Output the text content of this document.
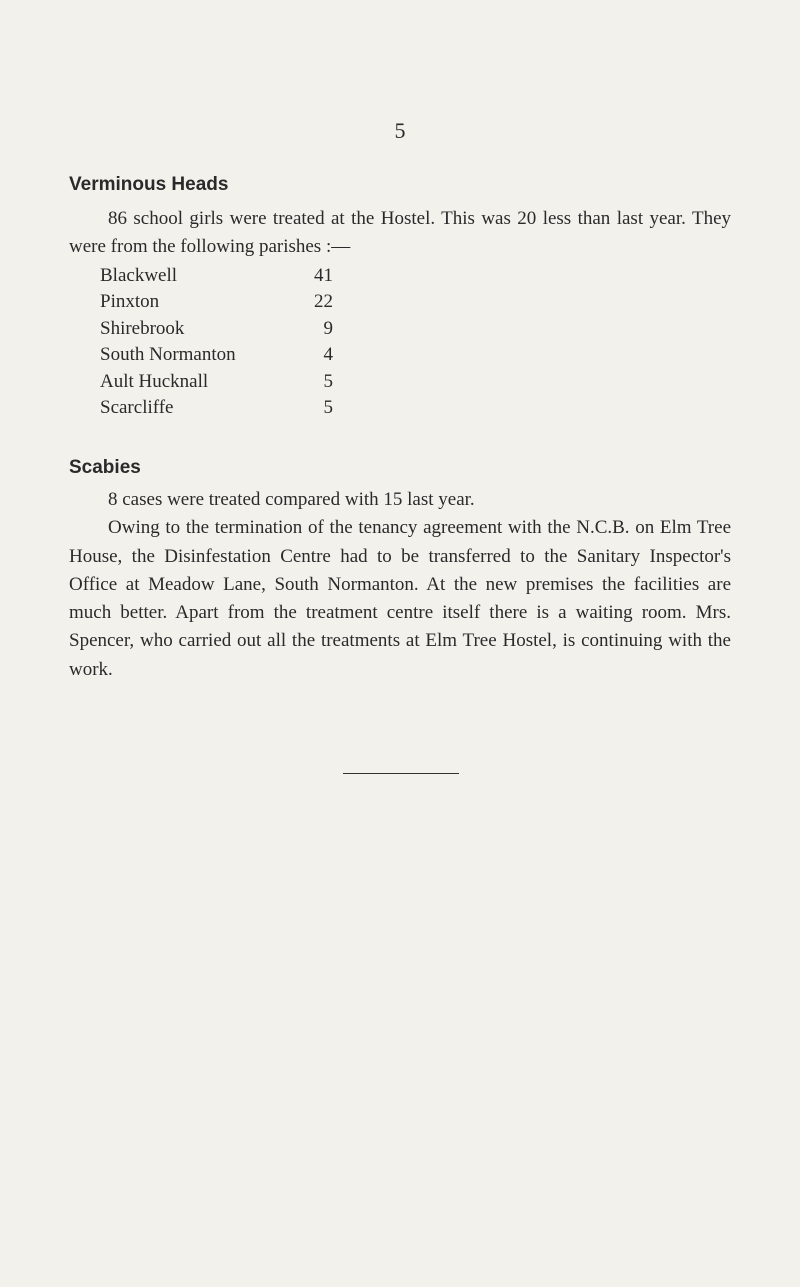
5
Verminous Heads

86 school girls were treated at the Hostel. This was 20 less than last year. They were from the following parishes :—

Blackwell	41
Pinxton	22
Shirebrook	9
South Normanton	4
Ault Hucknall	5
Scarcliffe	5
Scabies

8 cases were treated compared with 15 last year.

Owing to the termination of the tenancy agreement with the N.C.B. on Elm Tree House, the Disinfestation Centre had to be transferred to the Sanitary Inspector's Office at Meadow Lane, South Normanton. At the new premises the facilities are much better. Apart from the treatment centre itself there is a waiting room. Mrs. Spencer, who carried out all the treatments at Elm Tree Hostel, is continuing with the work.
